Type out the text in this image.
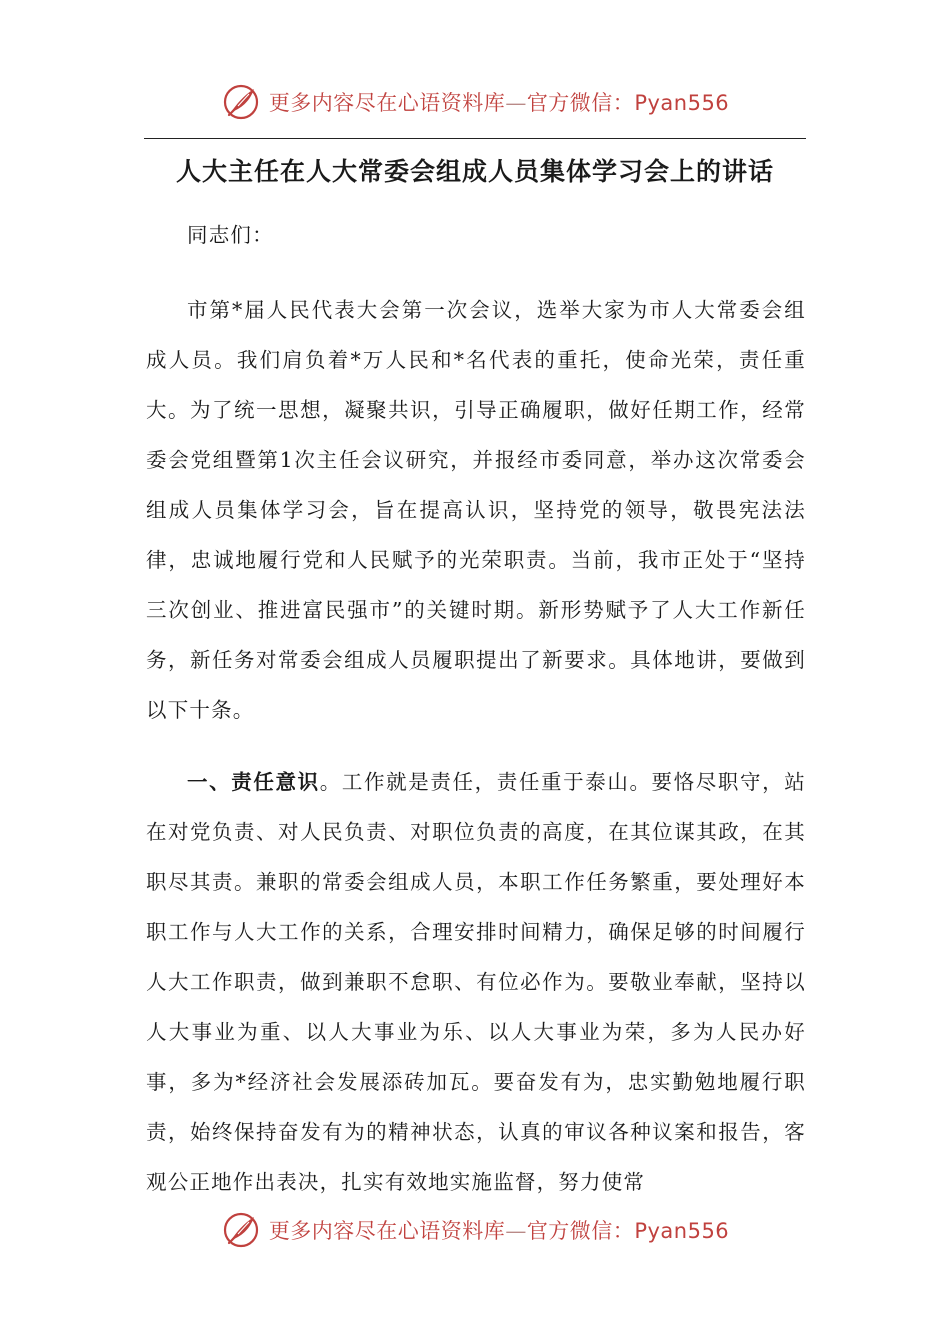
更多内容尽在心语资料库—官方微信：Pyan556
人大主任在人大常委会组成人员集体学习会上的讲话

同志们：

市第*届人民代表大会第一次会议，选举大家为市人大常委会组成人员。我们肩负着*万人民和*名代表的重托，使命光荣，责任重大。为了统一思想，凝聚共识，引导正确履职，做好任期工作，经常委会党组暨第1次主任会议研究，并报经市委同意，举办这次常委会组成人员集体学习会，旨在提高认识，坚持党的领导，敬畏宪法法律，忠诚地履行党和人民赋予的光荣职责。当前，我市正处于“坚持三次创业、推进富民强市”的关键时期。新形势赋予了人大工作新任务，新任务对常委会组成人员履职提出了新要求。具体地讲，要做到以下十条。

一、责任意识。工作就是责任，责任重于泰山。要恪尽职守，站在对党负责、对人民负责、对职位负责的高度，在其位谋其政，在其职尽其责。兼职的常委会组成人员，本职工作任务繁重，要处理好本职工作与人大工作的关系，合理安排时间精力，确保足够的时间履行人大工作职责，做到兼职不怠职、有位必作为。要敬业奉献，坚持以人大事业为重、以人大事业为乐、以人大事业为荣，多为人民办好事，多为*经济社会发展添砖加瓦。要奋发有为，忠实勤勉地履行职责，始终保持奋发有为的精神状态，认真的审议各种议案和报告，客观公正地作出表决，扎实有效地实施监督，努力使常

更多内容尽在心语资料库—官方微信：Pyan556
